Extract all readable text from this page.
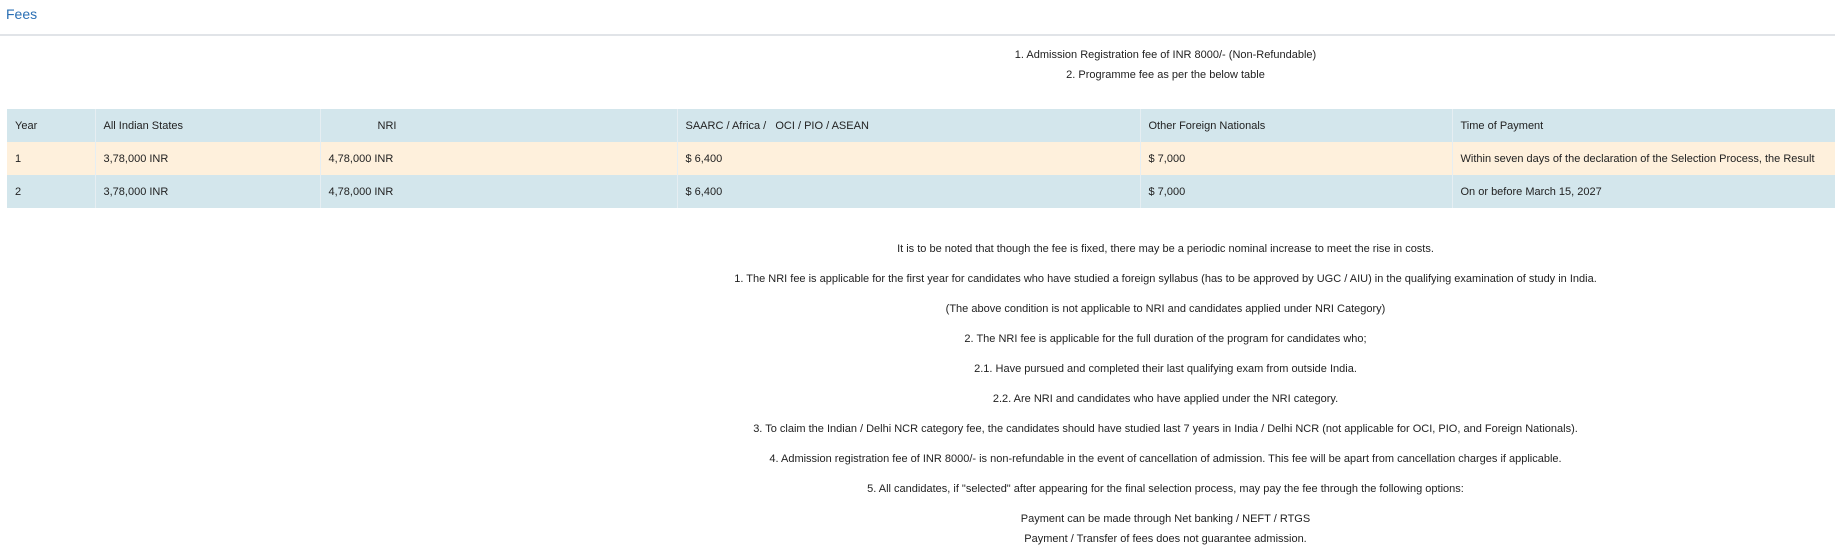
Fees

1. Admission Registration fee of INR 8000/- (Non-Refundable)

2. Programme fee as per the below table

Year	All Indian States	NRI	SAARC / Africa /   OCI / PIO / ASEAN	Other Foreign Nationals	Time of Payment
1	3,78,000 INR	4,78,000 INR	$ 6,400	$ 7,000	Within seven days of the declaration of the Selection Process, the Result
2	3,78,000 INR	4,78,000 INR	$ 6,400	$ 7,000	On or before March 15, 2027

It is to be noted that though the fee is fixed, there may be a periodic nominal increase to meet the rise in costs.

1. The NRI fee is applicable for the first year for candidates who have studied a foreign syllabus (has to be approved by UGC / AIU) in the qualifying examination of study in India.

(The above condition is not applicable to NRI and candidates applied under NRI Category)

2. The NRI fee is applicable for the full duration of the program for candidates who;

2.1. Have pursued and completed their last qualifying exam from outside India.

2.2. Are NRI and candidates who have applied under the NRI category.

3. To claim the Indian / Delhi NCR category fee, the candidates should have studied last 7 years in India / Delhi NCR (not applicable for OCI, PIO, and Foreign Nationals).

4. Admission registration fee of INR 8000/- is non-refundable in the event of cancellation of admission. This fee will be apart from cancellation charges if applicable.

5. All candidates, if "selected" after appearing for the final selection process, may pay the fee through the following options:

Payment can be made through Net banking / NEFT / RTGS

Payment / Transfer of fees does not guarantee admission.
